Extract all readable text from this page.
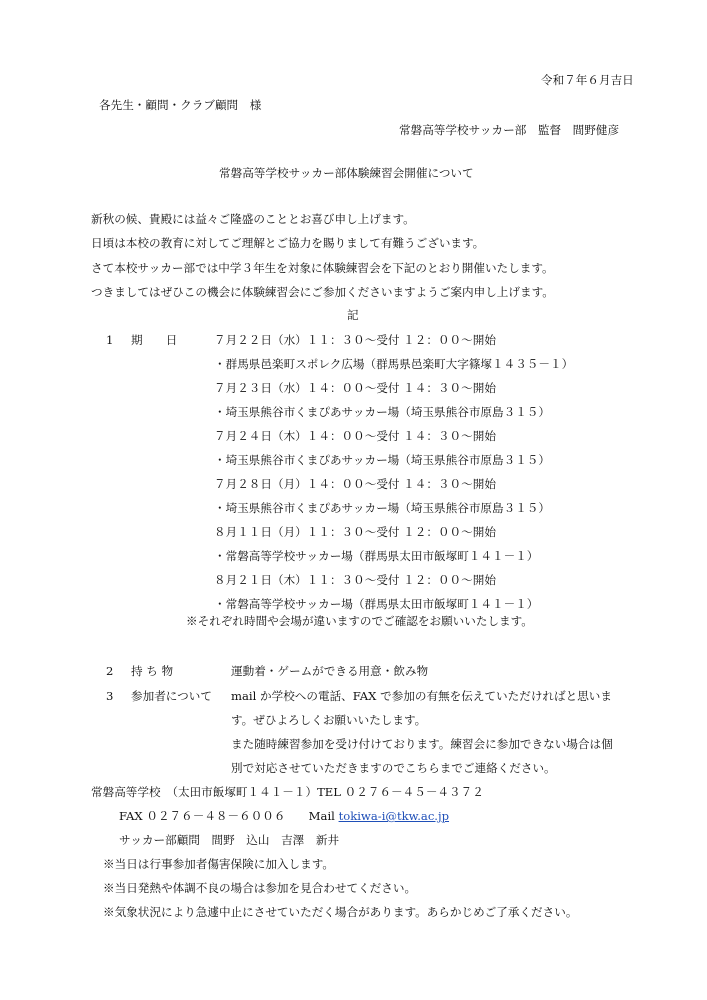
令和７年６月吉日
各先生・顧問・クラブ顧問　様
常磐高等学校サッカー部　監督　間野健彦
常磐高等学校サッカー部体験練習会開催について
新秋の候、貴殿には益々ご隆盛のこととお喜び申し上げます。
日頃は本校の教育に対してご理解とご協力を賜りまして有難うございます。
さて本校サッカー部では中学３年生を対象に体験練習会を下記のとおり開催いたします。
つきましてはぜひこの機会に体験練習会にご参加くださいますようご案内申し上げます。
記
1 期　　日	７月２２日（水）１１：３０～受付 １２：００～開始
・群馬県邑楽町スポレク広場（群馬県邑楽町大字篠塚１４３５－１）
７月２３日（水）１４：００～受付 １４：３０～開始
・埼玉県熊谷市くまぴあサッカー場（埼玉県熊谷市原島３１５）
７月２４日（木）１４：００～受付 １４：３０～開始
・埼玉県熊谷市くまぴあサッカー場（埼玉県熊谷市原島３１５）
７月２８日（月）１４：００～受付 １４：３０～開始
・埼玉県熊谷市くまぴあサッカー場（埼玉県熊谷市原島３１５）
８月１１日（月）１１：３０～受付 １２：００～開始
・常磐高等学校サッカー場（群馬県太田市飯塚町１４１－１）
８月２１日（木）１１：３０～受付 １２：００～開始
・常磐高等学校サッカー場（群馬県太田市飯塚町１４１－１）
※それぞれ時間や会場が違いますのでご確認をお願いいたします。
2 持 ち 物	運動着・ゲームができる用意・飲み物
3 参加者について mail か学校への電話、FAX で参加の有無を伝えていただければと思いま
す。ぜひよろしくお願いいたします。
また随時練習参加を受け付けております。練習会に参加できない場合は個
別で対応させていただきますのでこちらまでご連絡ください。
常磐高等学校　（太田市飯塚町１４１－１）TEL ０２７６－４５－４３７２
FAX ０２７６－４８－６００６　　Mail tokiwa-i@tkw.ac.jp
サッカー部顧問　間野　込山　吉澤　新井
※当日は行事参加者傷害保険に加入します。
※当日発熱や体調不良の場合は参加を見合わせてください。
※気象状況により急遽中止にさせていただく場合があります。あらかじめご了承ください。
